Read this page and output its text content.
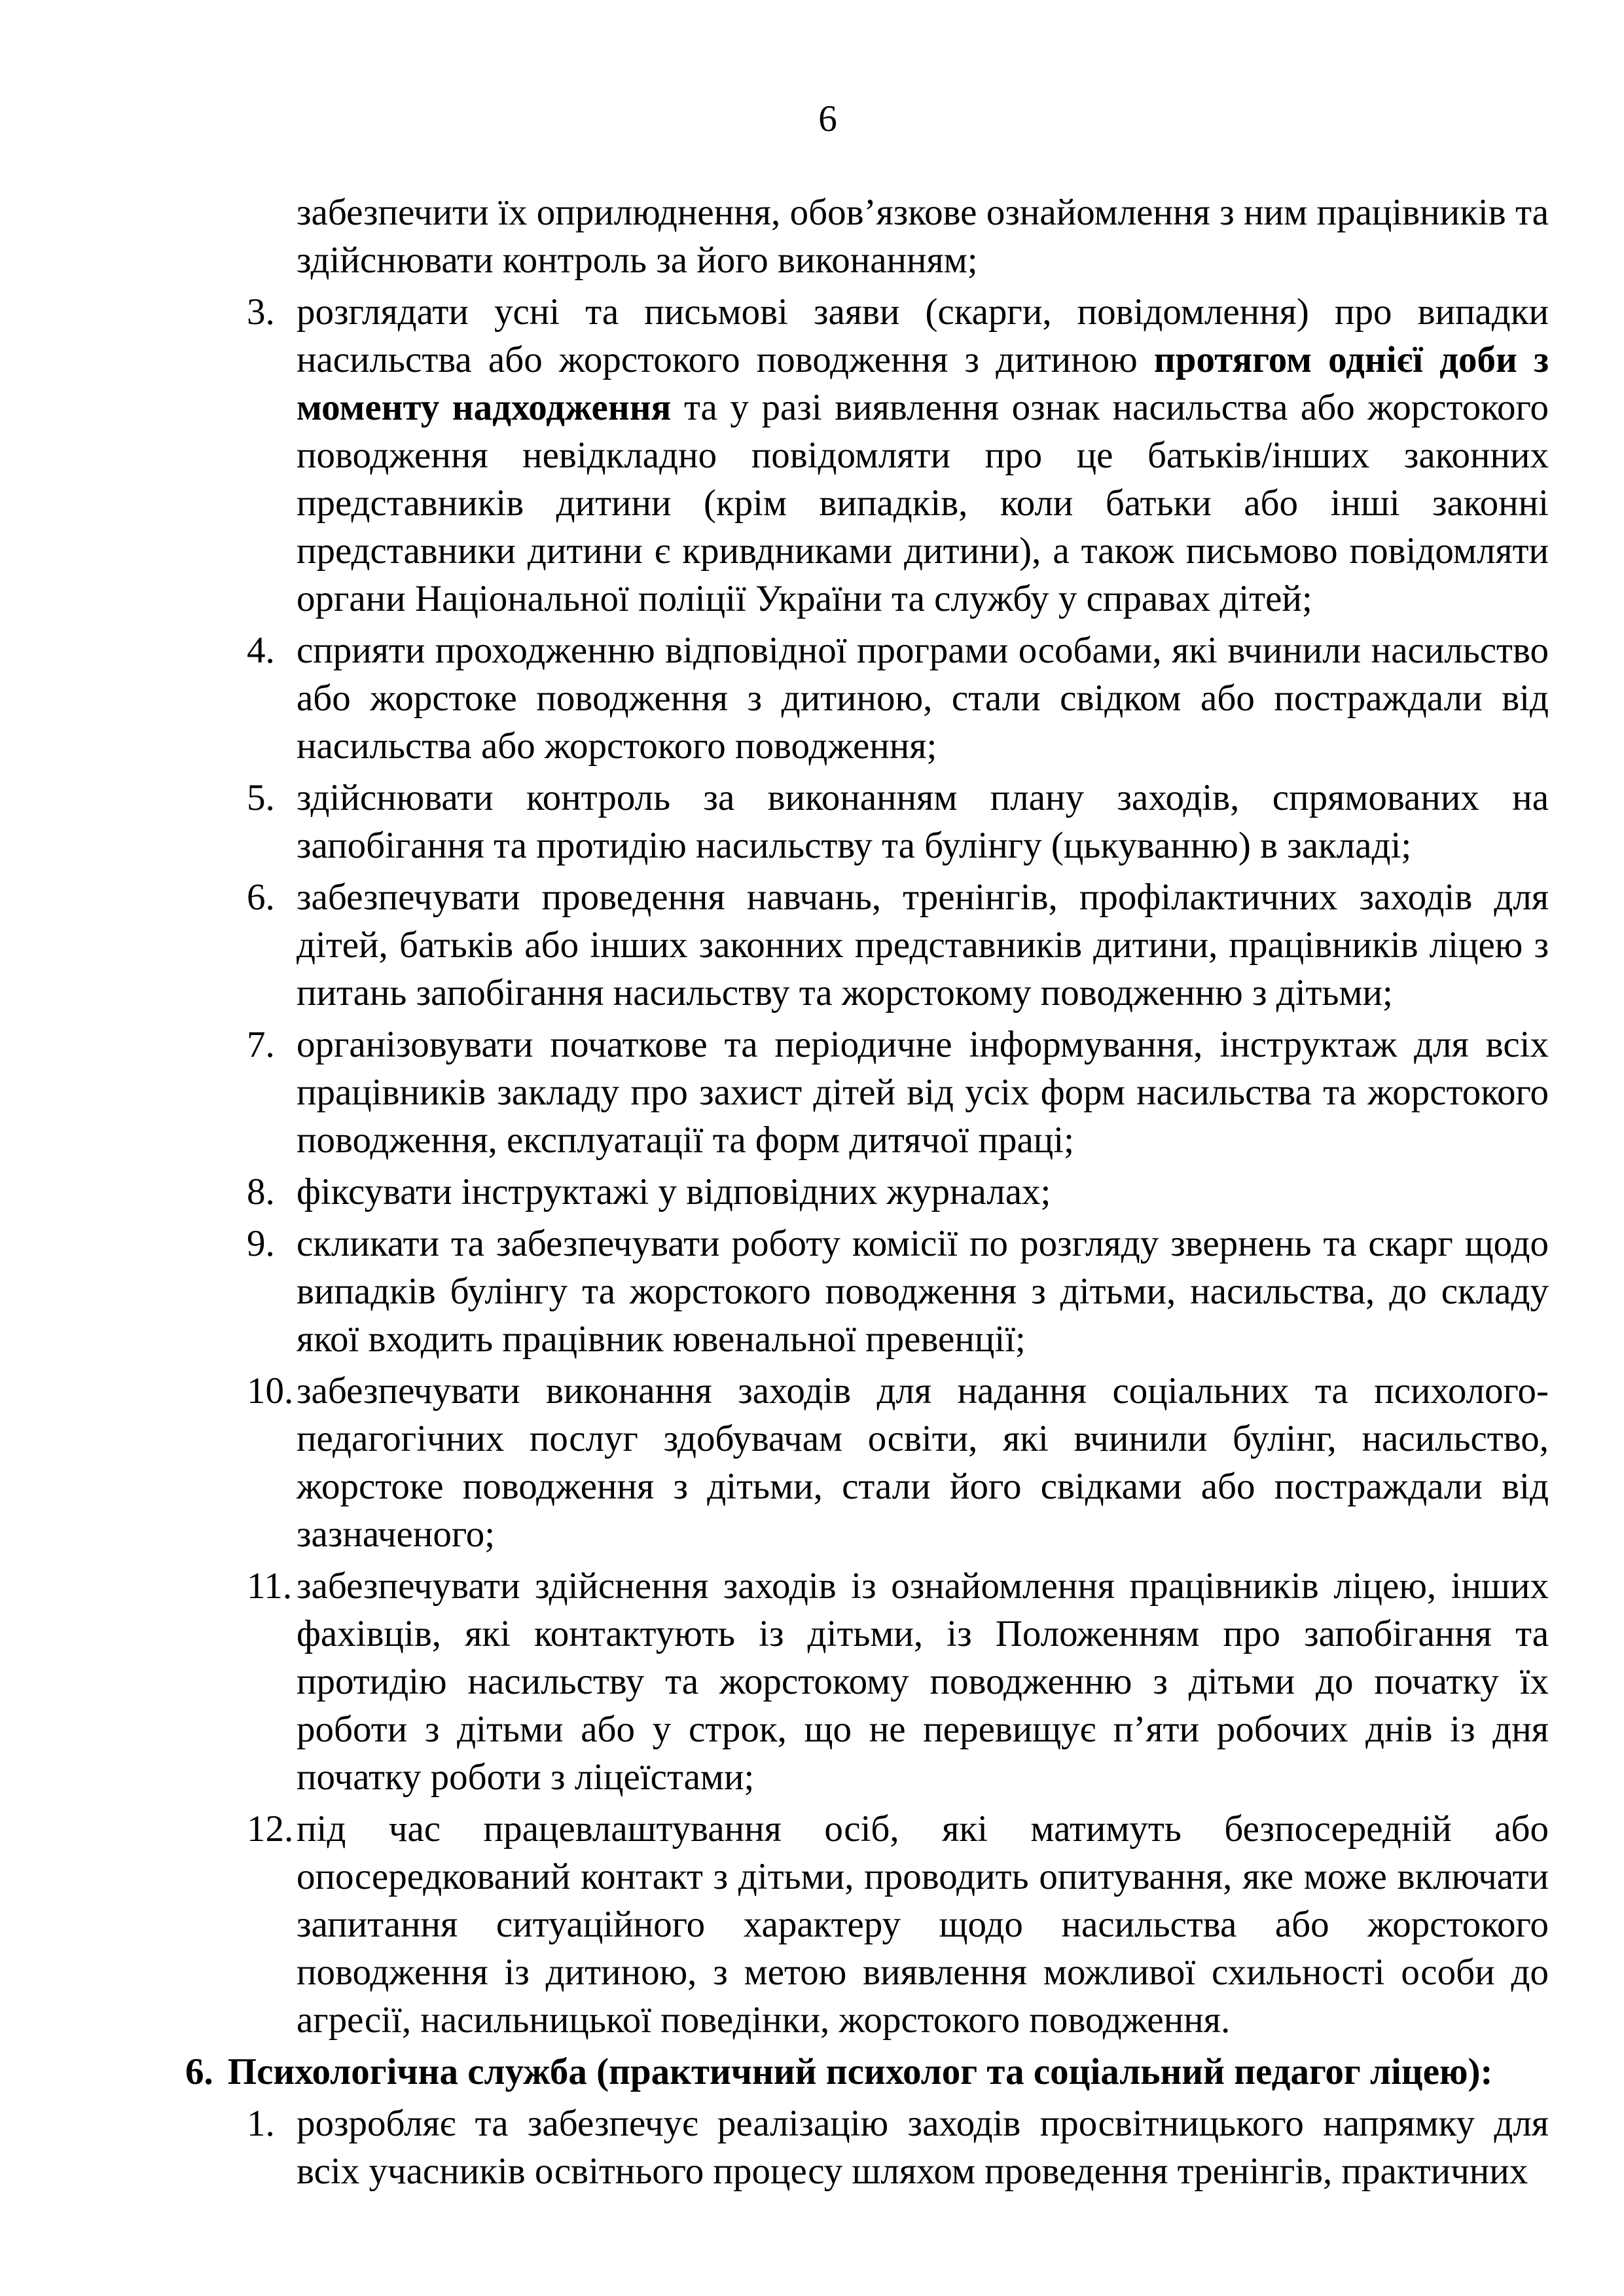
6

забезпечити їх оприлюднення, обов’язкове ознайомлення з ним працівників та здійснювати контроль за його виконанням;

3. розглядати усні та письмові заяви (скарги, повідомлення) про випадки насильства або жорстокого поводження з дитиною протягом однієї доби з моменту надходження та у разі виявлення ознак насильства або жорстокого поводження невідкладно повідомляти про це батьків/інших законних представників дитини (крім випадків, коли батьки або інші законні представники дитини є кривдниками дитини), а також письмово повідомляти органи Національної поліції України та службу у справах дітей;
4. сприяти проходженню відповідної програми особами, які вчинили насильство або жорстоке поводження з дитиною, стали свідком або постраждали від насильства або жорстокого поводження;
5. здійснювати контроль за виконанням плану заходів, спрямованих на запобігання та протидію насильству та булінгу (цькуванню) в закладі;
6. забезпечувати проведення навчань, тренінгів, профілактичних заходів для дітей, батьків або інших законних представників дитини, працівників ліцею з питань запобігання насильству та жорстокому поводженню з дітьми;
7. організовувати початкове та періодичне інформування, інструктаж для всіх працівників закладу про захист дітей від усіх форм насильства та жорстокого поводження, експлуатації та форм дитячої праці;
8. фіксувати інструктажі у відповідних журналах;
9. скликати та забезпечувати роботу комісії по розгляду звернень та скарг щодо випадків булінгу та жорстокого поводження з дітьми, насильства, до складу якої входить працівник ювенальної превенції;
10. забезпечувати виконання заходів для надання соціальних та психолого-педагогічних послуг здобувачам освіти, які вчинили булінг, насильство, жорстоке поводження з дітьми, стали його свідками або постраждали від зазначеного;
11. забезпечувати здійснення заходів із ознайомлення працівників ліцею, інших фахівців, які контактують із дітьми, із Положенням про запобігання та протидію насильству та жорстокому поводженню з дітьми до початку їх роботи з дітьми або у строк, що не перевищує п’яти робочих днів із дня початку роботи з ліцеїстами;
12. під час працевлаштування осіб, які матимуть безпосередній або опосередкований контакт з дітьми, проводить опитування, яке може включати запитання ситуаційного характеру щодо насильства або жорстокого поводження із дитиною, з метою виявлення можливої схильності особи до агресії, насильницької поведінки, жорстокого поводження.
6. Психологічна служба (практичний психолог та соціальний педагог ліцею):
1. розробляє та забезпечує реалізацію заходів просвітницького напрямку для всіх учасників освітнього процесу шляхом проведення тренінгів, практичних
